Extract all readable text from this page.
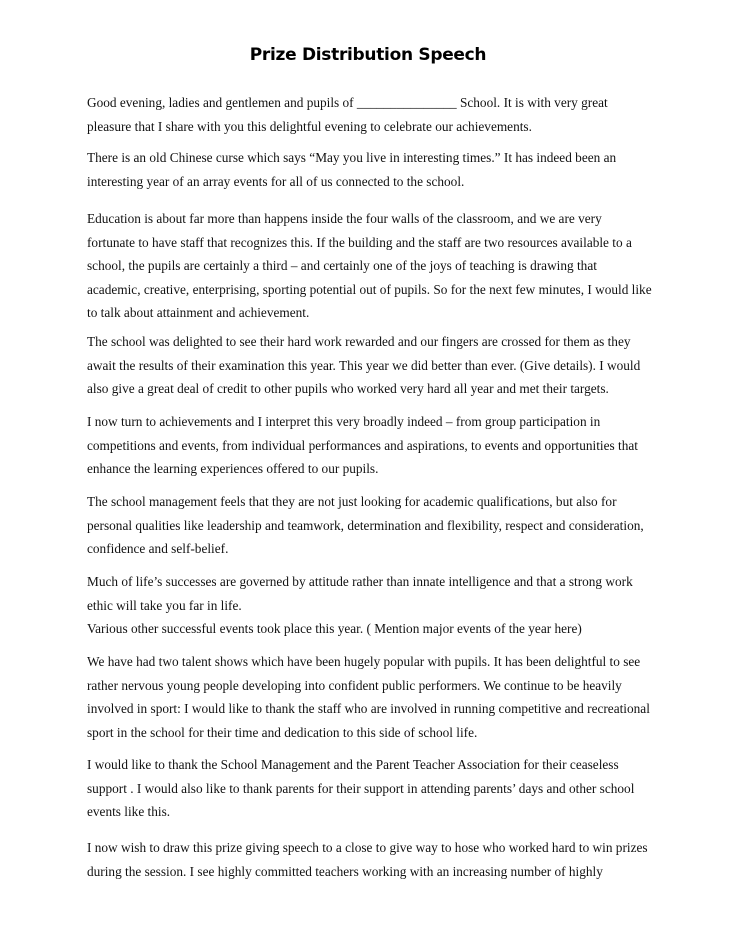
Prize Distribution Speech

Good evening, ladies and gentlemen and pupils of _______________ School. It is with very great
pleasure that I share with you this delightful evening to celebrate our achievements.

There is an old Chinese curse which says “May you live in interesting times.” It has indeed been an
interesting year of an array events for all of us connected to the school.

Education is about far more than happens inside the four walls of the classroom, and we are very
fortunate to have staff that recognizes this. If the building and the staff are two resources available to a
school, the pupils are certainly a third – and certainly one of the joys of teaching is drawing that
academic, creative, enterprising, sporting potential out of pupils. So for the next few minutes, I would like
to talk about attainment and achievement.

The school was delighted to see their hard work rewarded and our fingers are crossed for them as they
await the results of their examination this year. This year we did better than ever. (Give details). I would
also give a great deal of credit to other pupils who worked very hard all year and met their targets.

I now turn to achievements and I interpret this very broadly indeed – from group participation in
competitions and events, from individual performances and aspirations, to events and opportunities that
enhance the learning experiences offered to our pupils.

The school management feels that they are not just looking for academic qualifications, but also for
personal qualities like leadership and teamwork, determination and flexibility, respect and consideration,
confidence and self-belief.

Much of life’s successes are governed by attitude rather than innate intelligence and that a strong work
ethic will take you far in life.
Various other successful events took place this year. ( Mention major events of the year here)

We have had two talent shows which have been hugely popular with pupils. It has been delightful to see
rather nervous young people developing into confident public performers. We continue to be heavily
involved in sport: I would like to thank the staff who are involved in running competitive and recreational
sport in the school for their time and dedication to this side of school life.

I would like to thank the School Management and the Parent Teacher Association for their ceaseless
support . I would also like to thank parents for their support in attending parents’ days and other school
events like this.

I now wish to draw this prize giving speech to a close to give way to hose who worked hard to win prizes
during the session. I see highly committed teachers working with an increasing number of highly
